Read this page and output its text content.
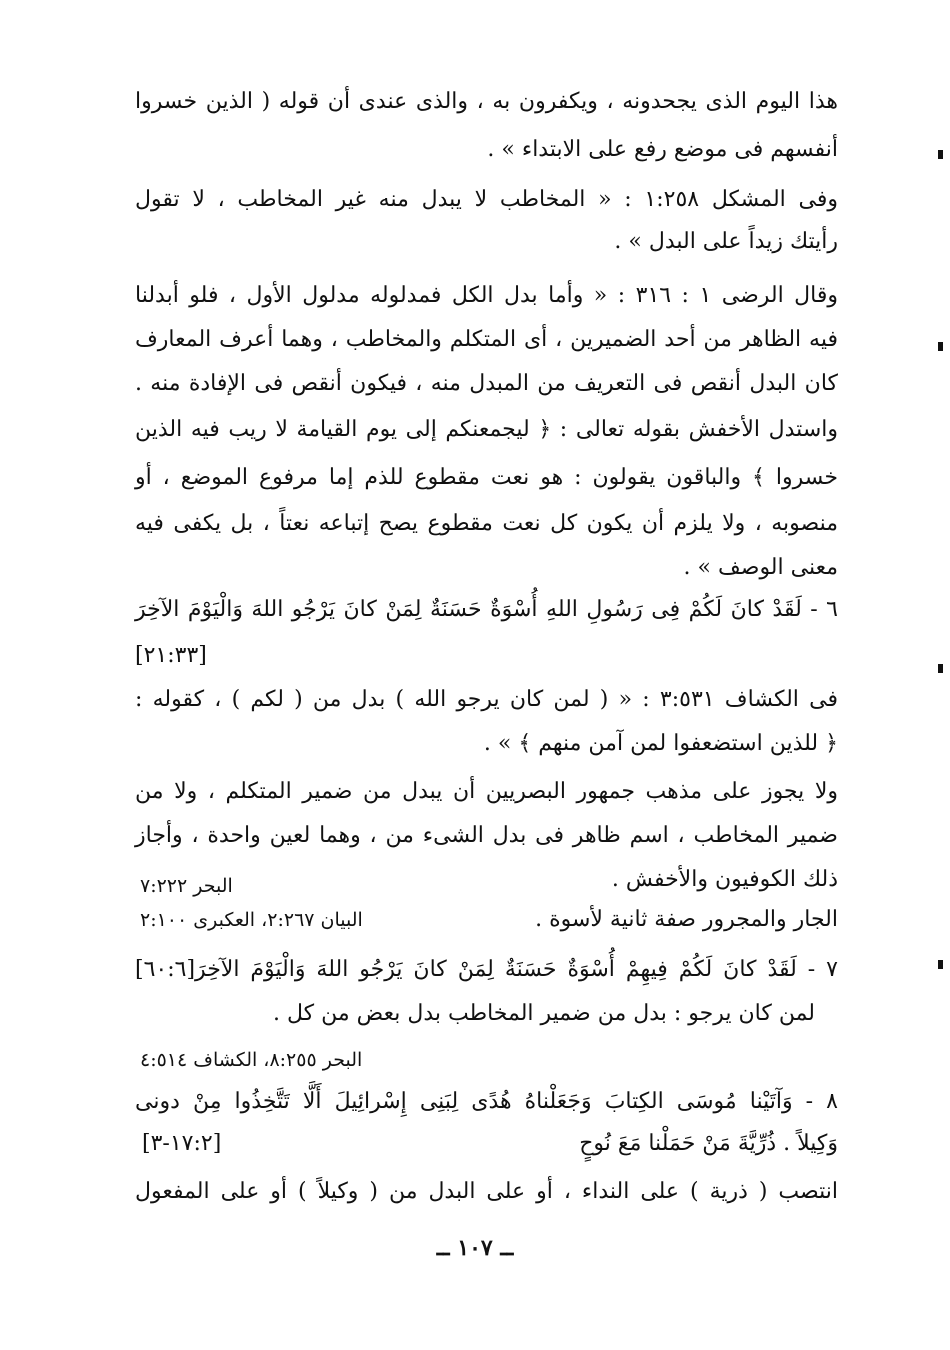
هذا اليوم الذى يجحدونه ، ويكفرون به ، والذى عندى أن قوله ( الذين خسروا
أنفسهم فى موضع رفع على الابتداء » .
وفى المشكل ١:٢٥٨ : « المخاطب لا يبدل منه غير المخاطب ، لا تقول
رأيتك زيداً على البدل » .
وقال الرضى ١ : ٣١٦ : « وأما بدل الكل فمدلوله مدلول الأول ، فلو أبدلنا
فيه الظاهر من أحد الضميرين ، أى المتكلم والمخاطب ، وهما أعرف المعارف
كان البدل أنقص فى التعريف من المبدل منه ، فيكون أنقص فى الإفادة منه .
واستدل الأخفش بقوله تعالى : ﴿ ليجمعنكم إلى يوم القيامة لا ريب فيه الذين
خسروا ﴾ والباقون يقولون : هو نعت مقطوع للذم إما مرفوع الموضع ، أو
منصوبه ، ولا يلزم أن يكون كل نعت مقطوع يصح إتباعه نعتاً ، بل يكفى فيه
معنى الوصف » .
٦ - لَقَدْ كانَ لَكُمْ فِى رَسُولِ اللهِ أُسْوَةٌ حَسَنَةٌ لِمَنْ كانَ يَرْجُو اللهَ وَالْيَوْمَ الآخِرَ
[٢١:٣٣]
فى الكشاف ٣:٥٣١ : « ( لمن كان يرجو الله ) بدل من ( لكم ) ، كقوله :
﴿ للذين استضعفوا لمن آمن منهم ﴾ » .
ولا يجوز على مذهب جمهور البصريين أن يبدل من ضمير المتكلم ، ولا من
ضمير المخاطب ، اسم ظاهر فى بدل الشىء من ، وهما لعين واحدة ، وأجاز
ذلك الكوفيون والأخفش .
البحر ٧:٢٢٢
الجار والمجرور صفة ثانية لأسوة .
البيان ٢:٢٦٧، العكبرى ٢:١٠٠
٧ - لَقَدْ كانَ لَكُمْ فِيهِمْ أُسْوَةٌ حَسَنَةٌ لِمَنْ كانَ يَرْجُو اللهَ وَالْيَوْمَ الآخِرَ[٦٠:٦]
لمن كان يرجو : بدل من ضمير المخاطب بدل بعض من كل .
البحر ٨:٢٥٥، الكشاف ٤:٥١٤
٨ - وَآتَيْنا مُوسَى الكِتابَ وَجَعَلْناهُ هُدًى لِبَنِى إِسْرائِيلَ أَلَّا تَتَّخِذُوا مِنْ دونى
وَكِيلاً . ذُرِّيَّةَ مَنْ حَمَلْنا مَعَ نُوحٍ
[١٧:٢-٣]
انتصب ( ذرية ) على النداء ، أو على البدل من ( وكيلاً ) أو على المفعول
ــ ١٠٧ ــ
